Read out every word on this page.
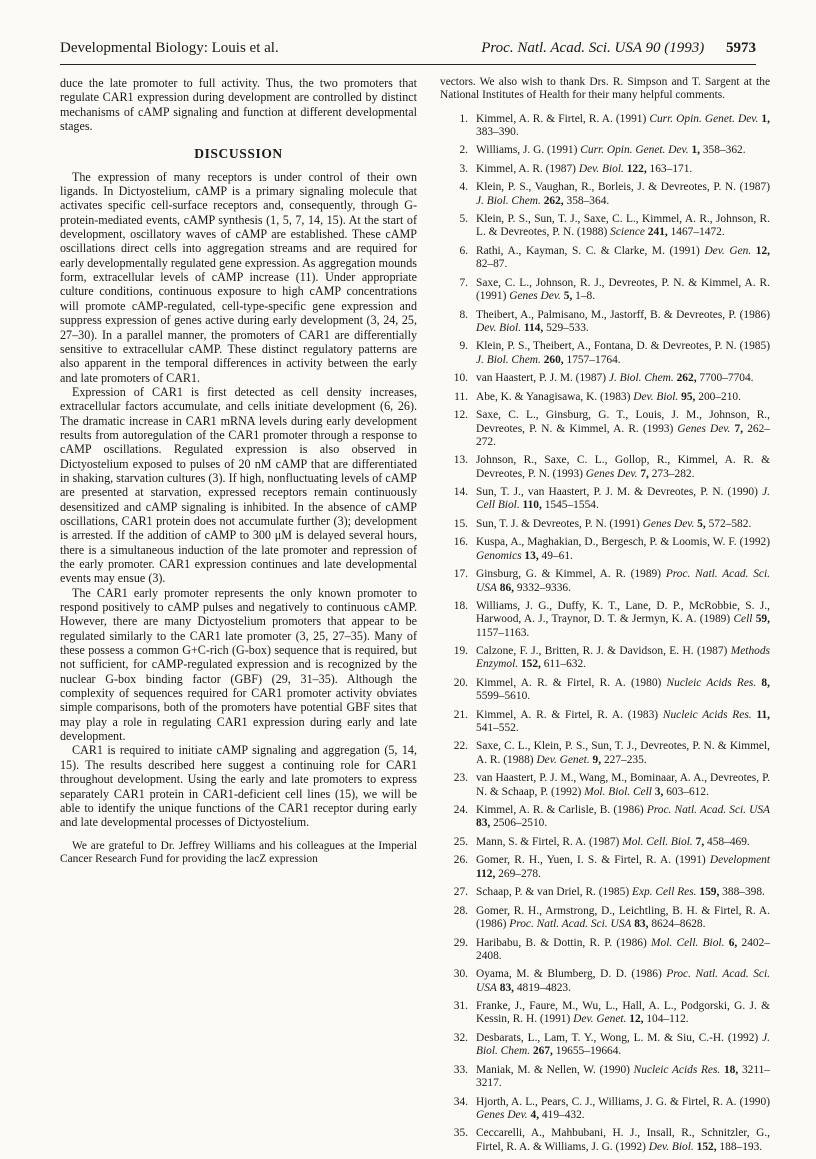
Developmental Biology: Louis et al.	Proc. Natl. Acad. Sci. USA 90 (1993) 5973

duce the late promoter to full activity. Thus, the two promoters that regulate CAR1 expression during development are controlled by distinct mechanisms of cAMP signaling and function at different developmental stages.

DISCUSSION

The expression of many receptors is under control of their own ligands. In Dictyostelium, cAMP is a primary signaling molecule that activates specific cell-surface receptors and, consequently, through G-protein-mediated events, cAMP synthesis (1, 5, 7, 14, 15). At the start of development, oscillatory waves of cAMP are established. These cAMP oscillations direct cells into aggregation streams and are required for early developmentally regulated gene expression. As aggregation mounds form, extracellular levels of cAMP increase (11). Under appropriate culture conditions, continuous exposure to high cAMP concentrations will promote cAMP-regulated, cell-type-specific gene expression and suppress expression of genes active during early development (3, 24, 25, 27–30). In a parallel manner, the promoters of CAR1 are differentially sensitive to extracellular cAMP. These distinct regulatory patterns are also apparent in the temporal differences in activity between the early and late promoters of CAR1.

Expression of CAR1 is first detected as cell density increases, extracellular factors accumulate, and cells initiate development (6, 26). The dramatic increase in CAR1 mRNA levels during early development results from autoregulation of the CAR1 promoter through a response to cAMP oscillations. Regulated expression is also observed in Dictyostelium exposed to pulses of 20 nM cAMP that are differentiated in shaking, starvation cultures (3). If high, nonfluctuating levels of cAMP are presented at starvation, expressed receptors remain continuously desensitized and cAMP signaling is inhibited. In the absence of cAMP oscillations, CAR1 protein does not accumulate further (3); development is arrested. If the addition of cAMP to 300 μM is delayed several hours, there is a simultaneous induction of the late promoter and repression of the early promoter. CAR1 expression continues and late developmental events may ensue (3).

The CAR1 early promoter represents the only known promoter to respond positively to cAMP pulses and negatively to continuous cAMP. However, there are many Dictyostelium promoters that appear to be regulated similarly to the CAR1 late promoter (3, 25, 27–35). Many of these possess a common G+C-rich (G-box) sequence that is required, but not sufficient, for cAMP-regulated expression and is recognized by the nuclear G-box binding factor (GBF) (29, 31–35). Although the complexity of sequences required for CAR1 promoter activity obviates simple comparisons, both of the promoters have potential GBF sites that may play a role in regulating CAR1 expression during early and late development.

CAR1 is required to initiate cAMP signaling and aggregation (5, 14, 15). The results described here suggest a continuing role for CAR1 throughout development. Using the early and late promoters to express separately CAR1 protein in CAR1-deficient cell lines (15), we will be able to identify the unique functions of the CAR1 receptor during early and late developmental processes of Dictyostelium.

We are grateful to Dr. Jeffrey Williams and his colleagues at the Imperial Cancer Research Fund for providing the lacZ expression

vectors. We also wish to thank Drs. R. Simpson and T. Sargent at the National Institutes of Health for their many helpful comments.

1. Kimmel, A. R. & Firtel, R. A. (1991) Curr. Opin. Genet. Dev. 1, 383–390.
2. Williams, J. G. (1991) Curr. Opin. Genet. Dev. 1, 358–362.
3. Kimmel, A. R. (1987) Dev. Biol. 122, 163–171.
4. Klein, P. S., Vaughan, R., Borleis, J. & Devreotes, P. N. (1987) J. Biol. Chem. 262, 358–364.
5. Klein, P. S., Sun, T. J., Saxe, C. L., Kimmel, A. R., Johnson, R. L. & Devreotes, P. N. (1988) Science 241, 1467–1472.
6. Rathi, A., Kayman, S. C. & Clarke, M. (1991) Dev. Gen. 12, 82–87.
7. Saxe, C. L., Johnson, R. J., Devreotes, P. N. & Kimmel, A. R. (1991) Genes Dev. 5, 1–8.
8. Theibert, A., Palmisano, M., Jastorff, B. & Devreotes, P. (1986) Dev. Biol. 114, 529–533.
9. Klein, P. S., Theibert, A., Fontana, D. & Devreotes, P. N. (1985) J. Biol. Chem. 260, 1757–1764.
10. van Haastert, P. J. M. (1987) J. Biol. Chem. 262, 7700–7704.
11. Abe, K. & Yanagisawa, K. (1983) Dev. Biol. 95, 200–210.
12. Saxe, C. L., Ginsburg, G. T., Louis, J. M., Johnson, R., Devreotes, P. N. & Kimmel, A. R. (1993) Genes Dev. 7, 262–272.
13. Johnson, R., Saxe, C. L., Gollop, R., Kimmel, A. R. & Devreotes, P. N. (1993) Genes Dev. 7, 273–282.
14. Sun, T. J., van Haastert, P. J. M. & Devreotes, P. N. (1990) J. Cell Biol. 110, 1545–1554.
15. Sun, T. J. & Devreotes, P. N. (1991) Genes Dev. 5, 572–582.
16. Kuspa, A., Maghakian, D., Bergesch, P. & Loomis, W. F. (1992) Genomics 13, 49–61.
17. Ginsburg, G. & Kimmel, A. R. (1989) Proc. Natl. Acad. Sci. USA 86, 9332–9336.
18. Williams, J. G., Duffy, K. T., Lane, D. P., McRobbie, S. J., Harwood, A. J., Traynor, D. T. & Jermyn, K. A. (1989) Cell 59, 1157–1163.
19. Calzone, F. J., Britten, R. J. & Davidson, E. H. (1987) Methods Enzymol. 152, 611–632.
20. Kimmel, A. R. & Firtel, R. A. (1980) Nucleic Acids Res. 8, 5599–5610.
21. Kimmel, A. R. & Firtel, R. A. (1983) Nucleic Acids Res. 11, 541–552.
22. Saxe, C. L., Klein, P. S., Sun, T. J., Devreotes, P. N. & Kimmel, A. R. (1988) Dev. Genet. 9, 227–235.
23. van Haastert, P. J. M., Wang, M., Bominaar, A. A., Devreotes, P. N. & Schaap, P. (1992) Mol. Biol. Cell 3, 603–612.
24. Kimmel, A. R. & Carlisle, B. (1986) Proc. Natl. Acad. Sci. USA 83, 2506–2510.
25. Mann, S. & Firtel, R. A. (1987) Mol. Cell. Biol. 7, 458–469.
26. Gomer, R. H., Yuen, I. S. & Firtel, R. A. (1991) Development 112, 269–278.
27. Schaap, P. & van Driel, R. (1985) Exp. Cell Res. 159, 388–398.
28. Gomer, R. H., Armstrong, D., Leichtling, B. H. & Firtel, R. A. (1986) Proc. Natl. Acad. Sci. USA 83, 8624–8628.
29. Haribabu, B. & Dottin, R. P. (1986) Mol. Cell. Biol. 6, 2402–2408.
30. Oyama, M. & Blumberg, D. D. (1986) Proc. Natl. Acad. Sci. USA 83, 4819–4823.
31. Franke, J., Faure, M., Wu, L., Hall, A. L., Podgorski, G. J. & Kessin, R. H. (1991) Dev. Genet. 12, 104–112.
32. Desbarats, L., Lam, T. Y., Wong, L. M. & Siu, C.-H. (1992) J. Biol. Chem. 267, 19655–19664.
33. Maniak, M. & Nellen, W. (1990) Nucleic Acids Res. 18, 3211–3217.
34. Hjorth, A. L., Pears, C. J., Williams, J. G. & Firtel, R. A. (1990) Genes Dev. 4, 419–432.
35. Ceccarelli, A., Mahbubani, H. J., Insall, R., Schnitzler, G., Firtel, R. A. & Williams, J. G. (1992) Dev. Biol. 152, 188–193.
